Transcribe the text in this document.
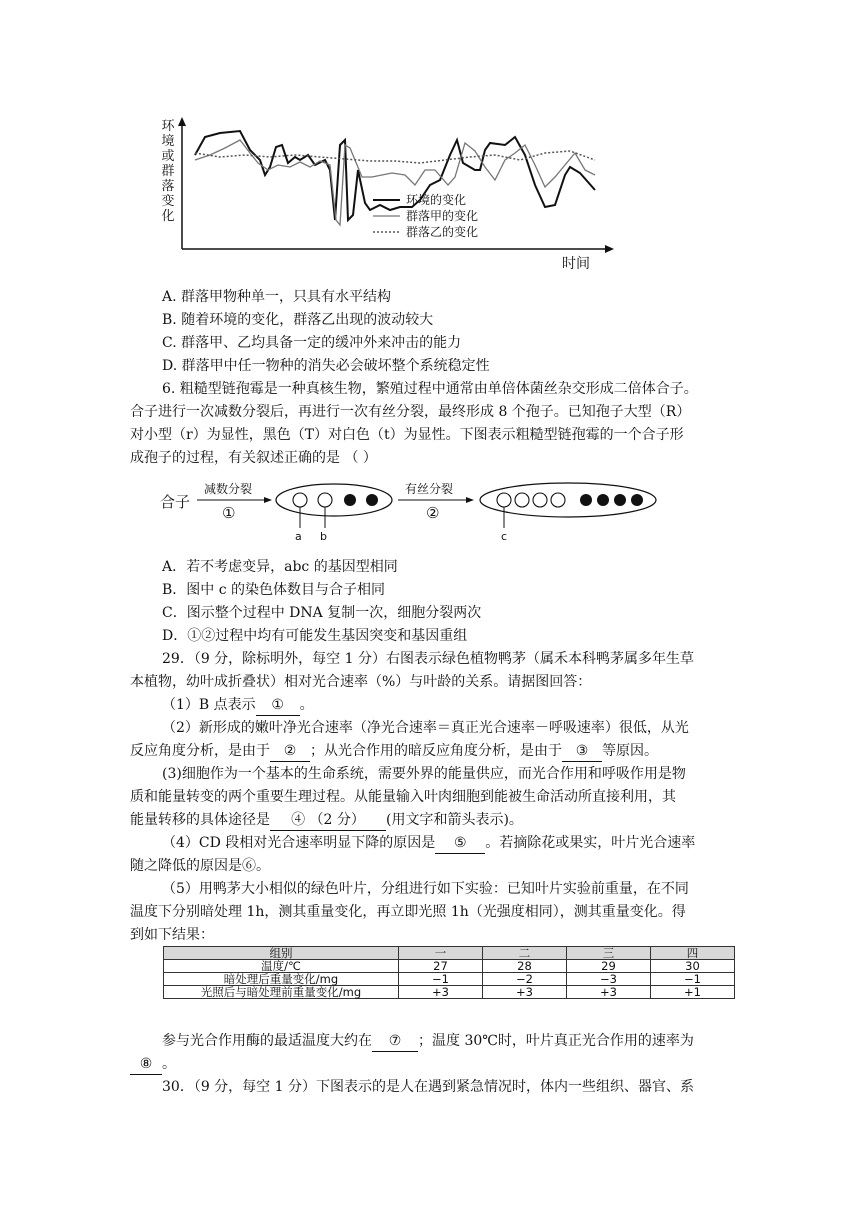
环
境
或
群
落
变
化
环境的变化
群落甲的变化
群落乙的变化
时间
A. 群落甲物种单一，只具有水平结构
B. 随着环境的变化，群落乙出现的波动较大
C. 群落甲、乙均具备一定的缓冲外来冲击的能力
D. 群落甲中任一物种的消失必会破坏整个系统稳定性
6. 粗糙型链孢霉是一种真核生物，繁殖过程中通常由单倍体菌丝杂交形成二倍体合子。
合子进行一次减数分裂后，再进行一次有丝分裂，最终形成 8 个孢子。已知孢子大型（R）
对小型（r）为显性，黑色（T）对白色（t）为显性。下图表示粗糙型链孢霉的一个合子形
成孢子的过程，有关叙述正确的是 （ ）
合子
减数分裂
①
有丝分裂
②
a b	c
A．若不考虑变异，abc 的基因型相同
B．图中 c 的染色体数目与合子相同
C．图示整个过程中 DNA 复制一次，细胞分裂两次
D．①②过程中均有可能发生基因突变和基因重组
29．（9 分，除标明外，每空 1 分）右图表示绿色植物鸭茅（属禾本科鸭茅属多年生草
本植物，幼叶成折叠状）相对光合速率（%）与叶龄的关系。请据图回答：
（1）B 点表示 ① 。
（2）新形成的嫩叶净光合速率（净光合速率＝真正光合速率－呼吸速率）很低，从光
反应角度分析，是由于 ② ；从光合作用的暗反应角度分析，是由于 ③ 等原因。
(3)细胞作为一个基本的生命系统，需要外界的能量供应，而光合作用和呼吸作用是物
质和能量转变的两个重要生理过程。从能量输入叶肉细胞到能被生命活动所直接利用，其
能量转移的具体途径是 ④ （2 分） (用文字和箭头表示)。
（4）CD 段相对光合速率明显下降的原因是 ⑤ 。若摘除花或果实，叶片光合速率
随之降低的原因是⑥。
（5）用鸭茅大小相似的绿色叶片，分组进行如下实验：已知叶片实验前重量，在不同
温度下分别暗处理 1h，测其重量变化，再立即光照 1h（光强度相同），测其重量变化。得
到如下结果：
组别	一	二	三	四
温度/℃	27	28	29	30
暗处理后重量变化/mg	−1	−2	−3	−1
光照后与暗处理前重量变化/mg	+3	+3	+3	+1
参与光合作用酶的最适温度大约在 ⑦ ；温度 30℃时，叶片真正光合作用的速率为
⑧ 。
30．（9 分，每空 1 分）下图表示的是人在遇到紧急情况时，体内一些组织、器官、系
